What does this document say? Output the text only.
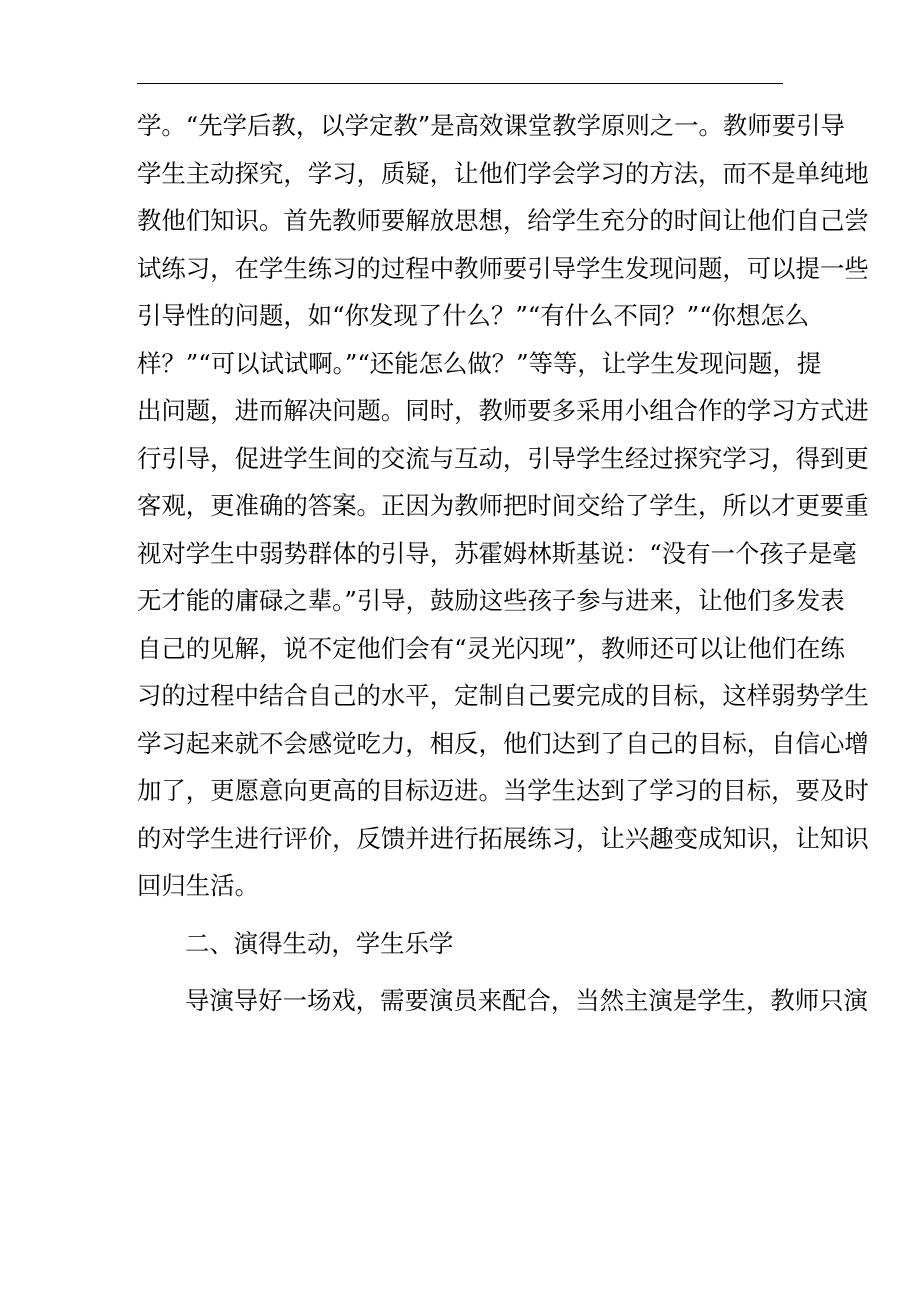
学。“先学后教，以学定教”是高效课堂教学原则之一。教师要引导
学生主动探究，学习，质疑，让他们学会学习的方法，而不是单纯地
教他们知识。首先教师要解放思想，给学生充分的时间让他们自己尝
试练习，在学生练习的过程中教师要引导学生发现问题，可以提一些
引导性的问题，如“你发现了什么？”“有什么不同？”“你想怎么
样？”“可以试试啊。”“还能怎么做？”等等，让学生发现问题，提
出问题，进而解决问题。同时，教师要多采用小组合作的学习方式进
行引导，促进学生间的交流与互动，引导学生经过探究学习，得到更
客观，更准确的答案。正因为教师把时间交给了学生，所以才更要重
视对学生中弱势群体的引导，苏霍姆林斯基说：“没有一个孩子是毫
无才能的庸碌之辈。”引导，鼓励这些孩子参与进来，让他们多发表
自己的见解，说不定他们会有“灵光闪现”，教师还可以让他们在练
习的过程中结合自己的水平，定制自己要完成的目标，这样弱势学生
学习起来就不会感觉吃力，相反，他们达到了自己的目标，自信心增
加了，更愿意向更高的目标迈进。当学生达到了学习的目标，要及时
的对学生进行评价，反馈并进行拓展练习，让兴趣变成知识，让知识
回归生活。
二、演得生动，学生乐学
导演导好一场戏，需要演员来配合，当然主演是学生，教师只演
